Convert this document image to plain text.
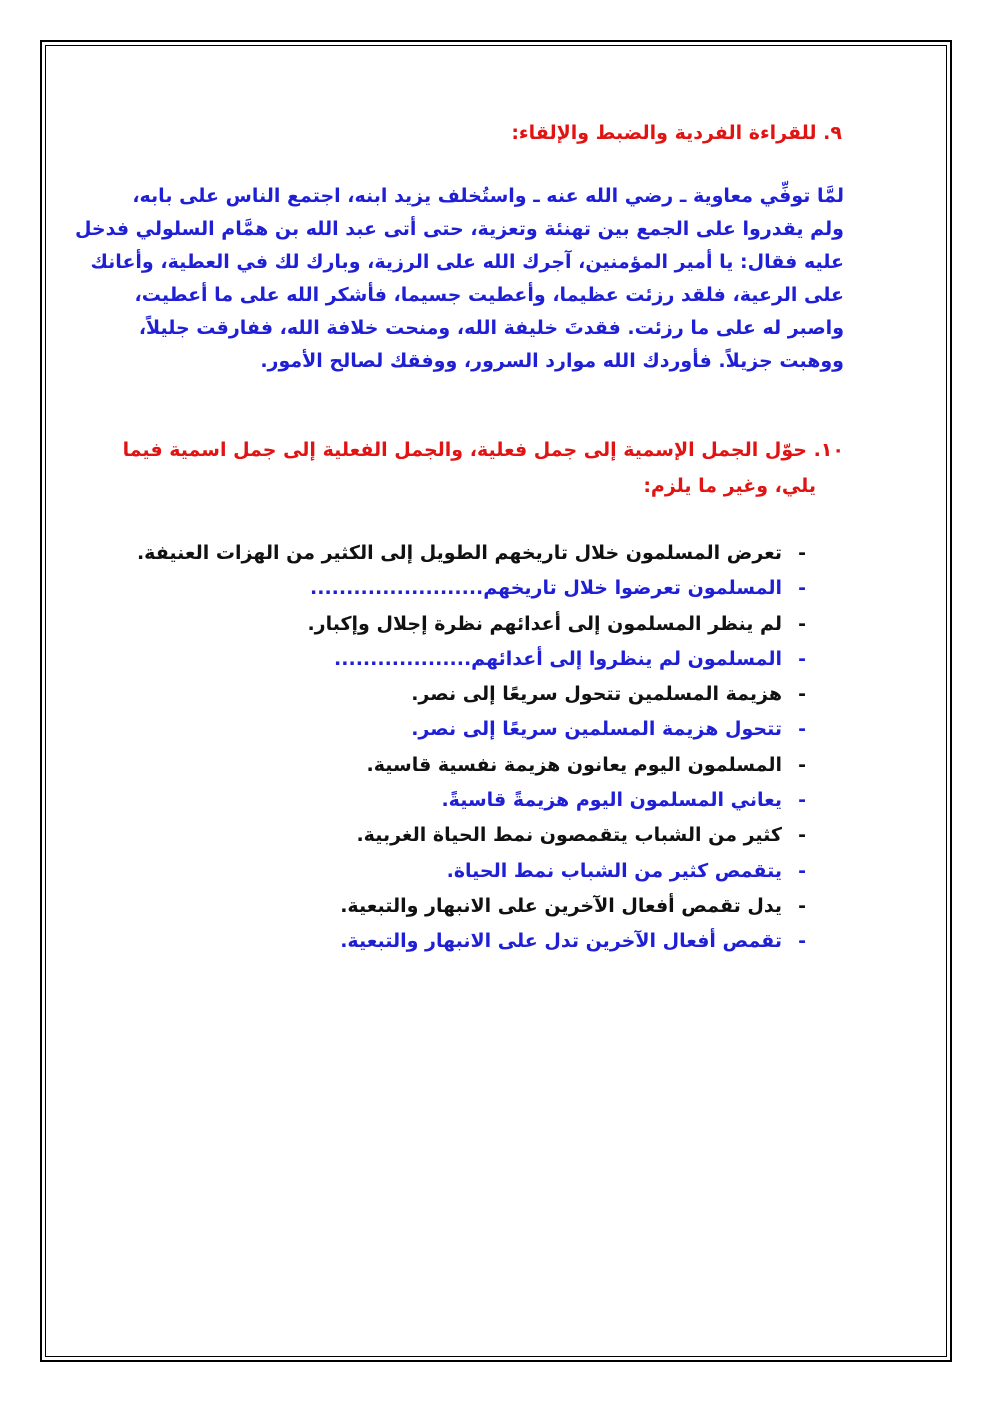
٩. للقراءة الفردية والضبط والإلقاء:

لمَّا توفِّي معاوية ـ رضي الله عنه ـ واستُخلف يزيد ابنه، اجتمع الناس على بابه،

ولم يقدروا على الجمع بين تهنئة وتعزية، حتى أتى عبد الله بن همَّام السلولي فدخل

عليه فقال: يا أمير المؤمنين، آجرك الله على الرزية، وبارك لك في العطية، وأعانك

على الرعية، فلقد رزئت عظيما، وأعطيت جسيما، فأشكر الله على ما أعطيت،

واصبر له على ما رزئت. فقدتَ خليفة الله، ومنحت خلافة الله، ففارقت جليلاً،

ووهبت جزيلاً. فأوردك الله موارد السرور، ووفقك لصالح الأمور.

١٠. حوّل الجمل الإسمية إلى جمل فعلية، والجمل الفعلية إلى جمل اسمية فيما

يلي، وغير ما يلزم:

-تعرض المسلمون خلال تاريخهم الطويل إلى الكثير من الهزات العنيفة.
-المسلمون تعرضوا خلال تاريخهم........................
-لم ينظر المسلمون إلى أعدائهم نظرة إجلال وإكبار.
-المسلمون لم ينظروا إلى أعدائهم...................
-هزيمة المسلمين تتحول سريعًا إلى نصر.
-تتحول هزيمة المسلمين سريعًا إلى نصر.
-المسلمون اليوم يعانون هزيمة نفسية قاسية.
-يعاني المسلمون اليوم هزيمةً قاسيةً.
-كثير من الشباب يتقمصون نمط الحياة الغربية.
-يتقمص كثير من الشباب نمط الحياة.
-يدل تقمص أفعال الآخرين على الانبهار والتبعية.
-تقمص أفعال الآخرين تدل على الانبهار والتبعية.
